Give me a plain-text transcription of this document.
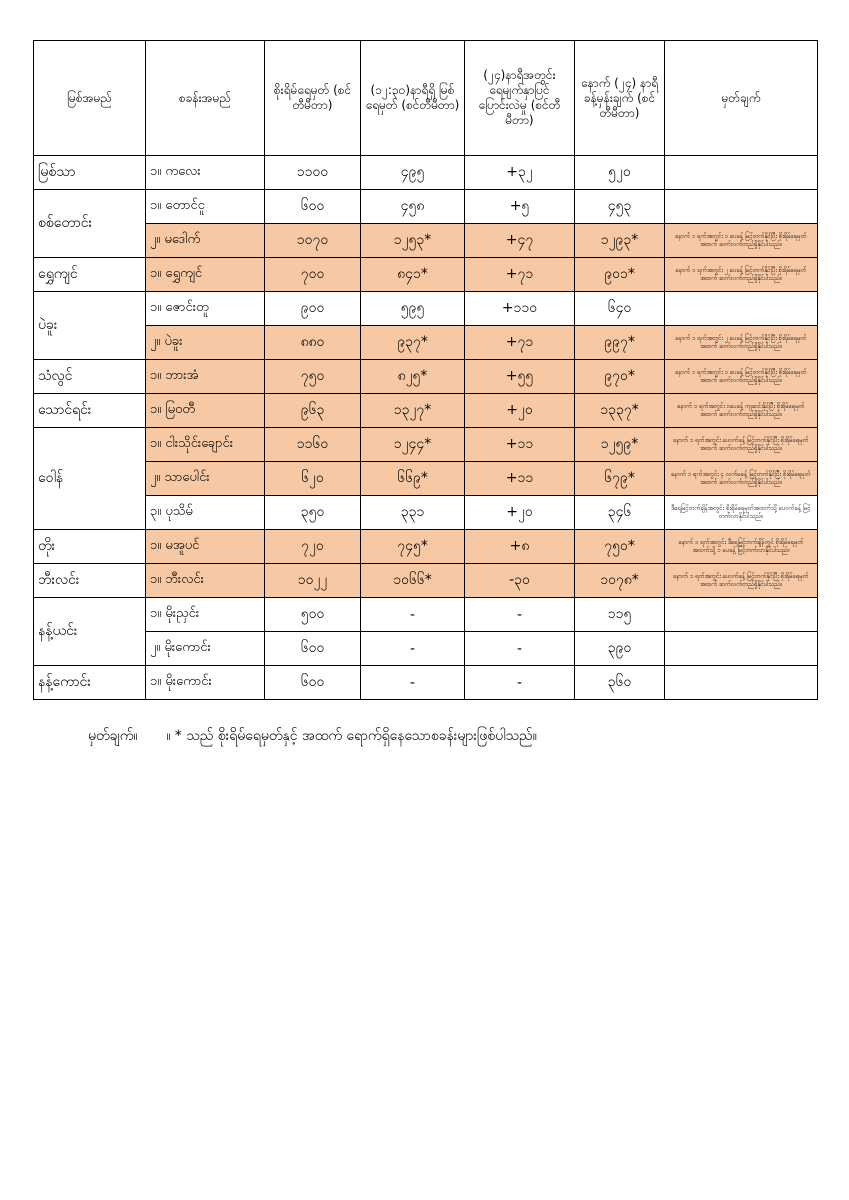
မြစ်အမည်	စခန်းအမည်	စိုးရိမ်ရေမှတ် (စင်တီမီတာ)	(၁၂:၃၀)နာရီရှိ မြစ်ရေမှတ် (စင်တီမီတာ)	(၂၄)နာရီအတွင်း ရေမျက်နှာပြင် ပြောင်းလဲမှု (စင်တီမီတာ)	နောက် (၂၄) နာရီ ခန့်မှန်းချက် (စင်တီမီတာ)	မှတ်ချက်
မြစ်သာ	၁။ ကလေး	၁၁၀၀	၄၉၅	+၃၂	၅၂၀	
စစ်တောင်း	၁။ တောင်ငူ	၆၀၀	၄၅၈	+၅	၄၅၃	
	၂။ မဒေါက်	၁၀၇၀	၁၂၅၃*	+၄၇	၁၂၉၃*	နောက် ၁ ရက်အတွင်း ၁ ပေခန့် မြင့်တက်နိုင်ပြီး စိုးရိမ်ရေမှတ်အထက် ဆက်လက်တည်ရှိနိုင်ပါသည်။
ရွှေကျင်	၁။ ရွှေကျင်	၇၀၀	၈၄၁*	+၇၁	၉၀၁*	နောက် ၁ ရက်အတွင်း ၂ ပေခန့် မြင့်တက်နိုင်ပြီး စိုးရိမ်ရေမှတ်အထက် ဆက်လက်တည်ရှိနိုင်ပါသည်။
ပဲခူး	၁။ ဇောင်းတူ	၉၀၀	၅၉၅	+၁၁၀	၆၄၀	
	၂။ ပဲခူး	၈၈၀	၉၃၇*	+၇၁	၉၉၇*	နောက် ၁ ရက်အတွင်း ၂ ပေခန့် မြင့်တက်နိုင်ပြီး စိုးရိမ်ရေမှတ်အထက် ဆက်လက်တည်ရှိနိုင်ပါသည်။
သံလွင်	၁။ ဘားအံ	၇၅၀	၈၂၅*	+၅၅	၉၇၀*	နောက် ၁ ရက်အတွင်း ၁ ပေခန့် မြင့်တက်နိုင်ပြီး စိုးရိမ်ရေမှတ်အထက် ဆက်လက်တည်ရှိနိုင်ပါသည်။
သောင်ရင်း	၁။ မြဝတီ	၉၆၃	၁၃၂၇*	+၂၀	၁၃၃၇*	နောက် ၁ ရက်အတွင်း ၁ပေခန့် ကျဆင်းနိုင်ပြီး စိုးရိမ်ရေမှတ်အထက် ဆက်လက်တည်ရှိနိုင်ပါသည်။
ဝေါန်	၁။ ငါးသိုင်းချောင်း	၁၁၆၀	၁၂၄၄*	+၁၁	၁၂၅၉*	နောက် ၁ ရက်အတွင်း ပေဝက်ခန့် မြင့်တက်နိုင်ပြီး စိုးရိမ်ရေမှတ်အထက် ဆက်လက်တည်ရှိနိုင်ပါသည်။
	၂။ သာပေါင်း	၆၂၀	၆၆၉*	+၁၁	၆၇၉*	နောက် ၁ ရက်အတွင်း ၄ လက်မခန့် မြင့်တက်နိုင်ပြီး စိုးရိမ်ရေမှတ်အထက် ဆက်လက်တည်ရှိနိုင်ပါသည်။
	၃။ ပုသိမ်	၃၅၀	၃၃၁	+၂၀	၃၄၆	ဒီရေမြင့်တက်ချိန်အတွင်း စိုးရိမ်ရေမှတ်အထက်သို့ ပေဝက်ခန့် မြင့်တက်လာနိုင်ပါသည်။
တိုး	၁။ မအူပင်	၇၂၀	၇၄၅*	+၈	၇၅၀*	နောက် ၁ ရက်အတွင်း ဒီရေမြင့်တက်ချိန်တွင် စိုးရိမ်ရေမှတ်အထက်သို့ ၁ ပေခန့် မြင့်တက်လာနိုင်ပါသည်။
ဘီးလင်း	၁။ ဘီးလင်း	၁၀၂၂	၁၀၆၆*	-၃၀	၁၀၇၈*	နောက် ၁ ရက်အတွင်း ပေဝက်ခန့် မြင့်တက်နိုင်ပြီး စိုးရိမ်ရေမှတ်အထက် ဆက်လက်တည်ရှိနိုင်ပါသည်။
နန့်ယင်း	၁။ မိုးညှင်း	၅၀၀	-	-	၁၁၅	
	၂။ မိုးကောင်း	၆၀၀	-	-	၃၉၀	
နန့်ကောင်း	၁။ မိုးကောင်း	၆၀၀	-	-	၃၆၀	
မှတ်ချက်။ ။ * သည် စိုးရိမ်ရေမှတ်နှင့် အထက် ရောက်ရှိနေသောစခန်းများဖြစ်ပါသည်။
